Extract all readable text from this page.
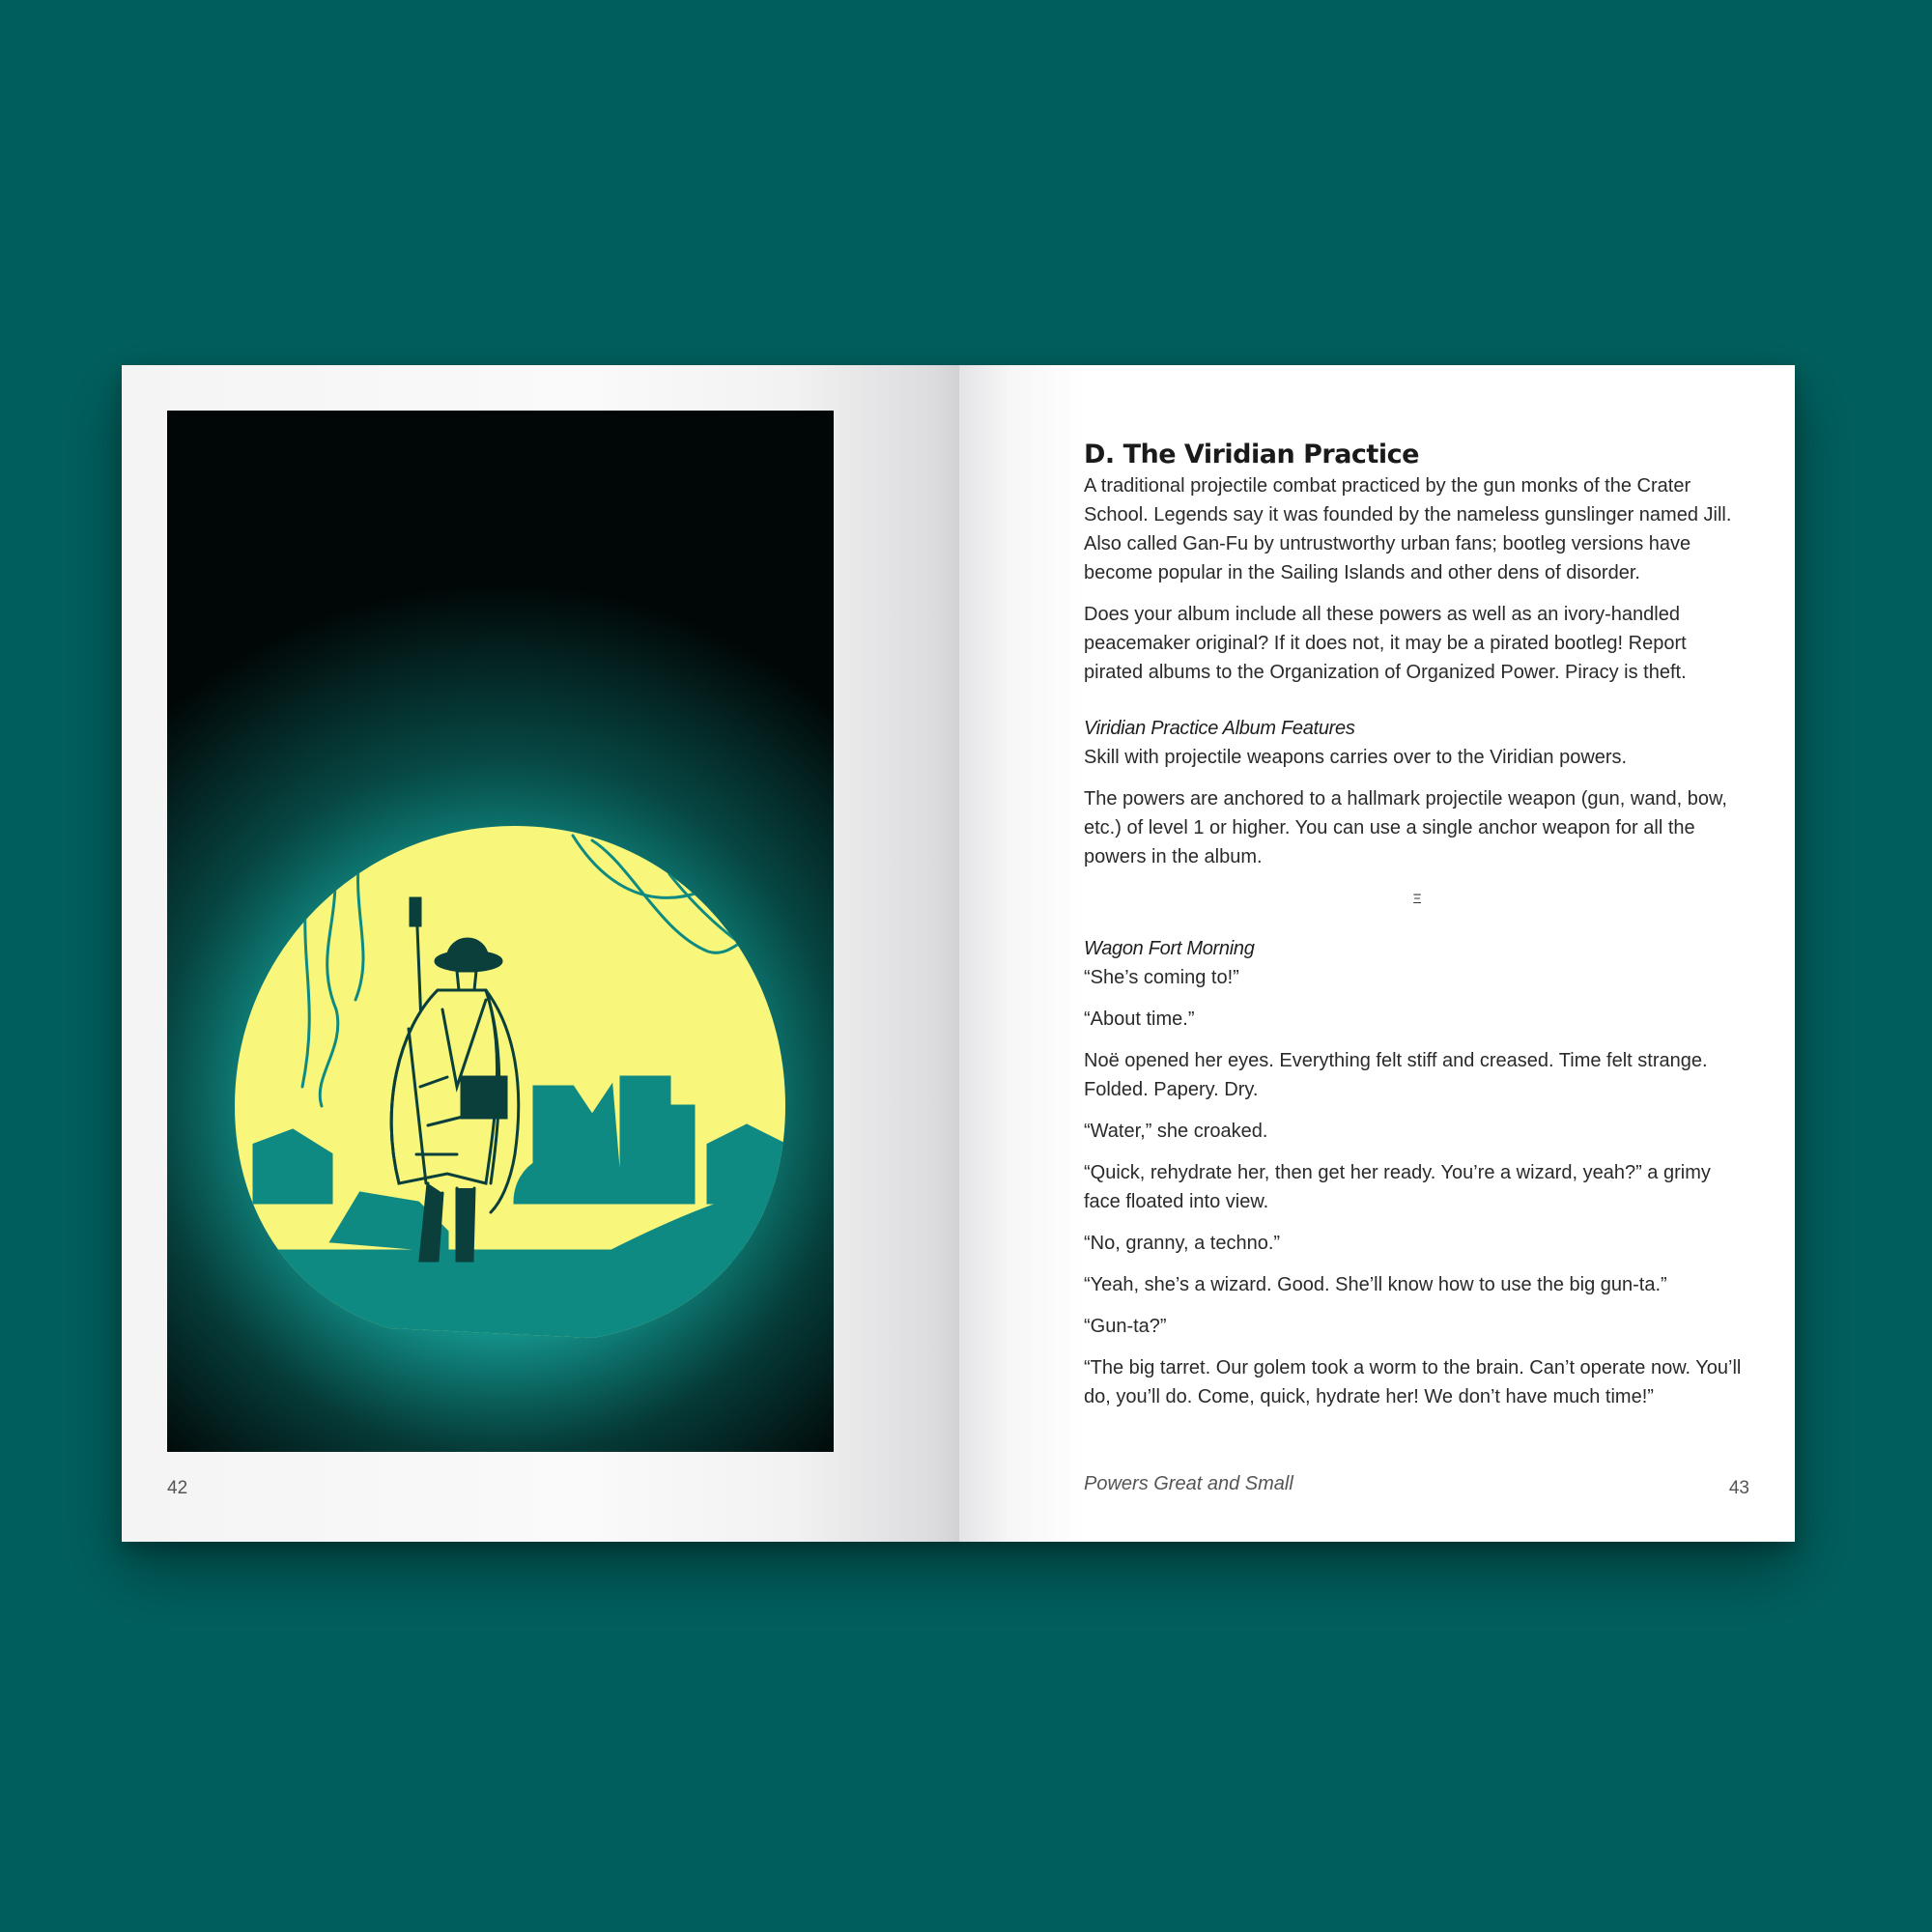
42	43
D. The Viridian Practice

A traditional projectile combat practiced by the gun monks of the Crater School. Legends say it was founded by the nameless gunslinger named Jill. Also called Gan-Fu by untrustworthy urban fans; bootleg versions have become popular in the Sailing Islands and other dens of disorder.

Does your album include all these powers as well as an ivory-handled peacemaker original? If it does not, it may be a pirated bootleg! Report pirated albums to the Organization of Organized Power. Piracy is theft.

Viridian Practice Album Features

Skill with projectile weapons carries over to the Viridian powers.

The powers are anchored to a hallmark projectile weapon (gun, wand, bow, etc.) of level 1 or higher. You can use a single anchor weapon for all the powers in the album.

Ξ
Wagon Fort Morning

“She’s coming to!”

“About time.”

Noë opened her eyes. Everything felt stiff and creased. Time felt strange. Folded. Papery. Dry.

“Water,” she croaked.

“Quick, rehydrate her, then get her ready. You’re a wizard, yeah?” a grimy face floated into view.

“No, granny, a techno.”

“Yeah, she’s a wizard. Good. She’ll know how to use the big gun-ta.”

“Gun-ta?”

“The big tarret. Our golem took a worm to the brain. Can’t operate now. You’ll do, you’ll do. Come, quick, hydrate her! We don’t have much time!”

Powers Great and Small
